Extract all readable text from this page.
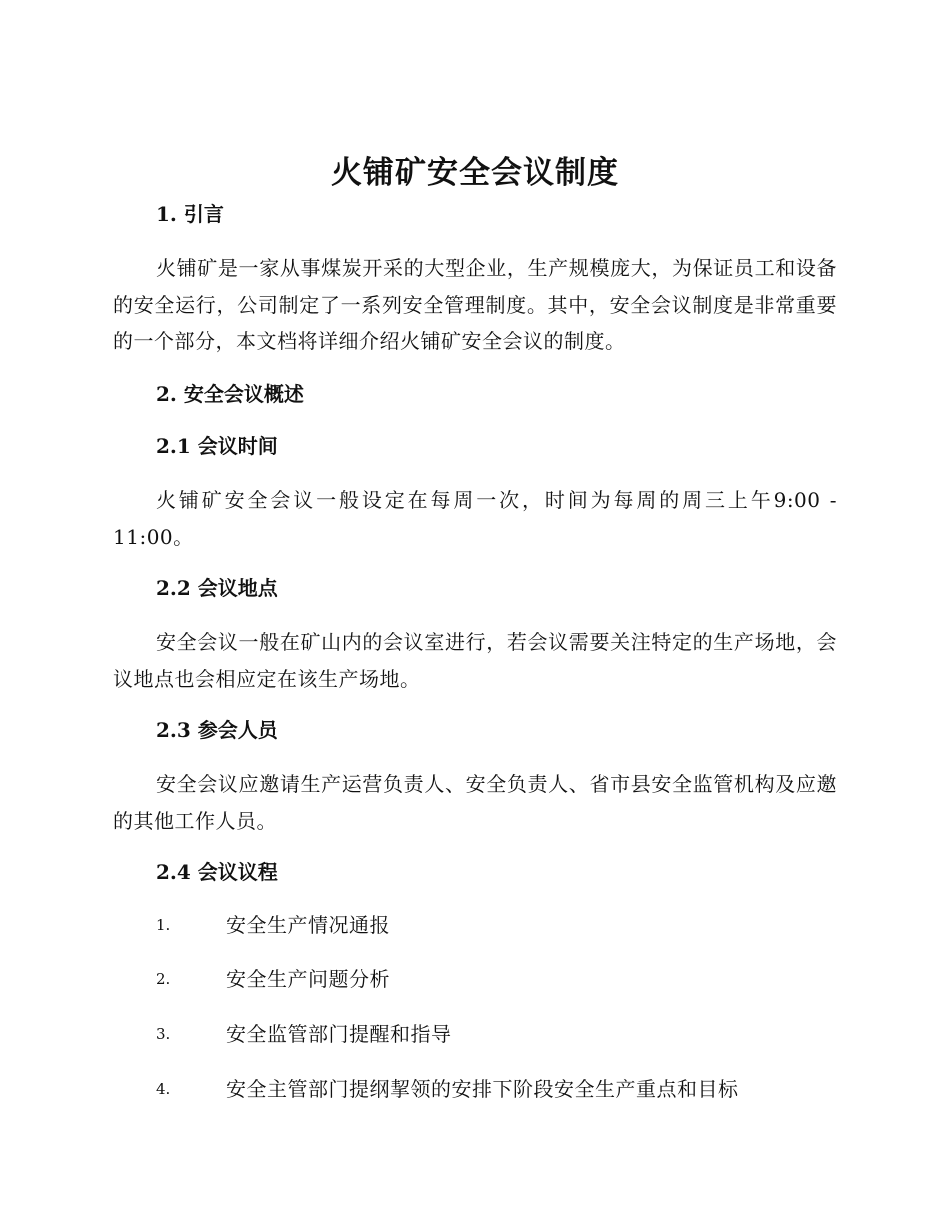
火铺矿安全会议制度
1. 引言

火铺矿是一家从事煤炭开采的大型企业，生产规模庞大，为保证员工和设备的安全运行，公司制定了一系列安全管理制度。其中，安全会议制度是非常重要的一个部分，本文档将详细介绍火铺矿安全会议的制度。

2. 安全会议概述
2.1 会议时间

火铺矿安全会议一般设定在每周一次，时间为每周的周三上午9:00 - 11:00。

2.2 会议地点

安全会议一般在矿山内的会议室进行，若会议需要关注特定的生产场地，会议地点也会相应定在该生产场地。

2.3 参会人员

安全会议应邀请生产运营负责人、安全负责人、省市县安全监管机构及应邀的其他工作人员。

2.4 会议议程
1.	安全生产情况通报
2.	安全生产问题分析
3.	安全监管部门提醒和指导
4.	安全主管部门提纲挈领的安排下阶段安全生产重点和目标
